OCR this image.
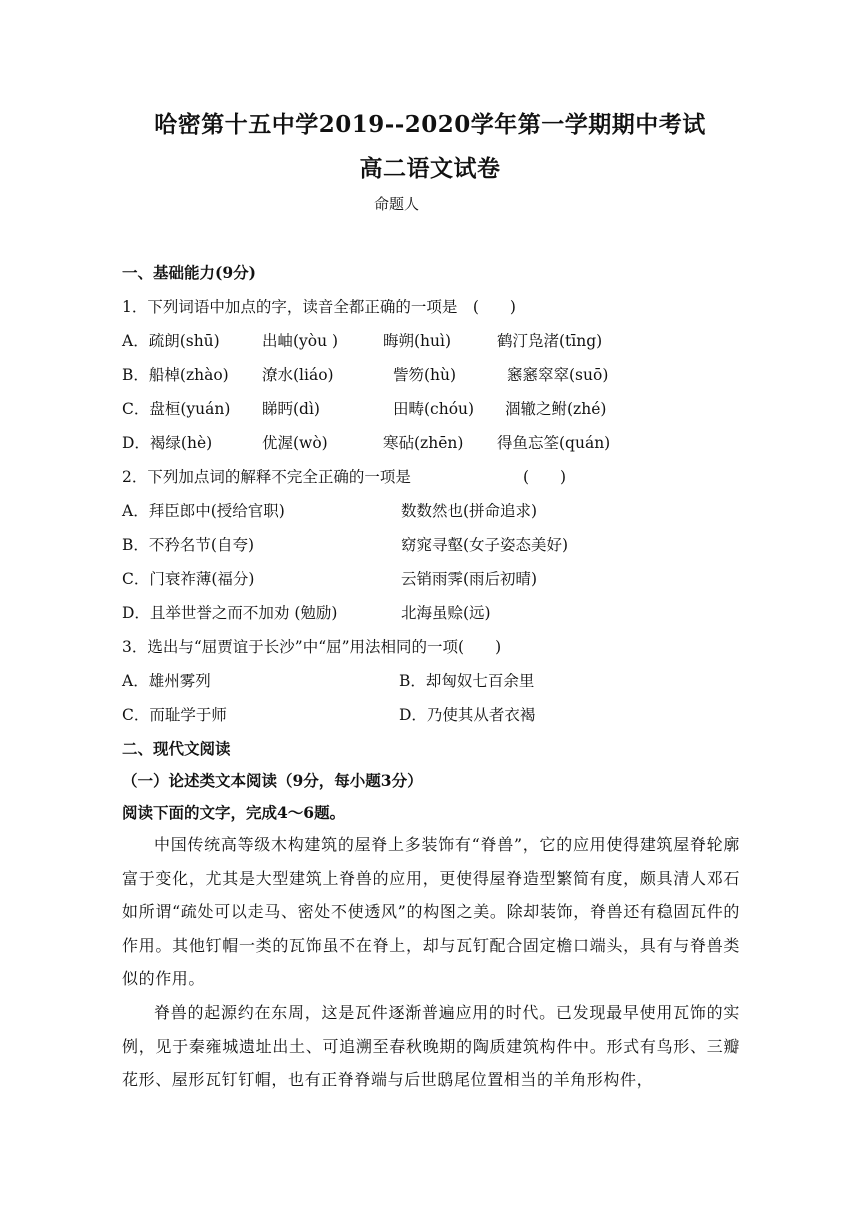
哈密第十五中学2019--2020学年第一学期期中考试
高二语文试卷
命题人
一、基础能力(9分)
1．下列词语中加点的字，读音全都正确的一项是　(　　)
A．疏朗(shū)	出岫(yòu )	晦朔(huì)	鹤汀凫渚(tīng)
B．船棹(zhào) 潦水(liáo)	訾笏(hù)	窸窸窣窣(suō)
C．盘桓(yuán) 睇眄(dì)	田畴(chóu) 涸辙之鲋(zhé)
D．褐绿(hè)	优渥(wò)	寒砧(zhēn) 得鱼忘筌(quán)
2．下列加点词的解释不完全正确的一项是	(　　)
A．拜臣郎中(授给官职)	数数然也(拼命追求)
B．不矜名节(自夸)	窈窕寻壑(女子姿态美好)
C．门衰祚薄(福分)	云销雨霁(雨后初晴)
D．且举世誉之而不加劝 (勉励)	北海虽赊(远)
3．选出与“屈贾谊于长沙”中“屈”用法相同的一项(　　)
A．雄州雾列	B．却匈奴七百余里
C．而耻学于师	D．乃使其从者衣褐
二、现代文阅读
（一）论述类文本阅读（9分，每小题3分）
阅读下面的文字，完成4～6题。
中国传统高等级木构建筑的屋脊上多装饰有“脊兽”，它的应用使得建筑屋脊轮廓富于变化，尤其是大型建筑上脊兽的应用，更使得屋脊造型繁简有度，颇具清人邓石如所谓“疏处可以走马、密处不使透风”的构图之美。除却装饰，脊兽还有稳固瓦件的作用。其他钉帽一类的瓦饰虽不在脊上，却与瓦钉配合固定檐口端头，具有与脊兽类似的作用。
脊兽的起源约在东周，这是瓦件逐渐普遍应用的时代。已发现最早使用瓦饰的实例，见于秦雍城遗址出土、可追溯至春秋晚期的陶质建筑构件中。形式有鸟形、三瓣花形、屋形瓦钉钉帽，也有正脊脊端与后世鸱尾位置相当的羊角形构件，
